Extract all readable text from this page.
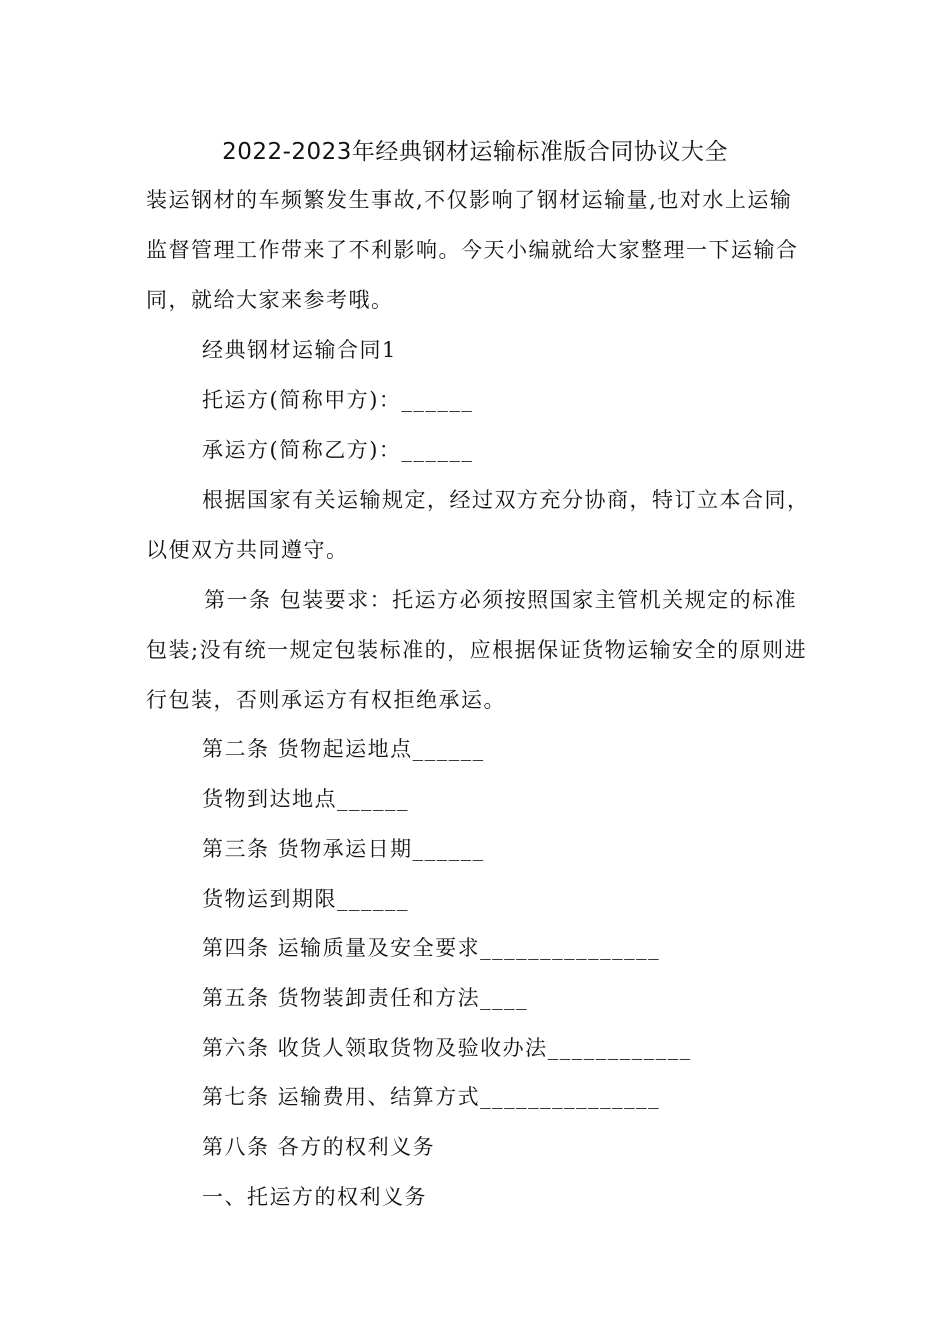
2022-2023年经典钢材运输标准版合同协议大全
装运钢材的车频繁发生事故,不仅影响了钢材运输量,也对水上运输
监督管理工作带来了不利影响。今天小编就给大家整理一下运输合
同，就给大家来参考哦。
经典钢材运输合同1
托运方(简称甲方)：______
承运方(简称乙方)：______
根据国家有关运输规定，经过双方充分协商，特订立本合同，
以便双方共同遵守。
第一条 包装要求：托运方必须按照国家主管机关规定的标准
包装;没有统一规定包装标准的，应根据保证货物运输安全的原则进
行包装，否则承运方有权拒绝承运。
第二条 货物起运地点______
货物到达地点______
第三条 货物承运日期______
货物运到期限______
第四条 运输质量及安全要求_______________
第五条 货物装卸责任和方法____
第六条 收货人领取货物及验收办法____________
第七条 运输费用、结算方式_______________
第八条 各方的权利义务
一、托运方的权利义务
